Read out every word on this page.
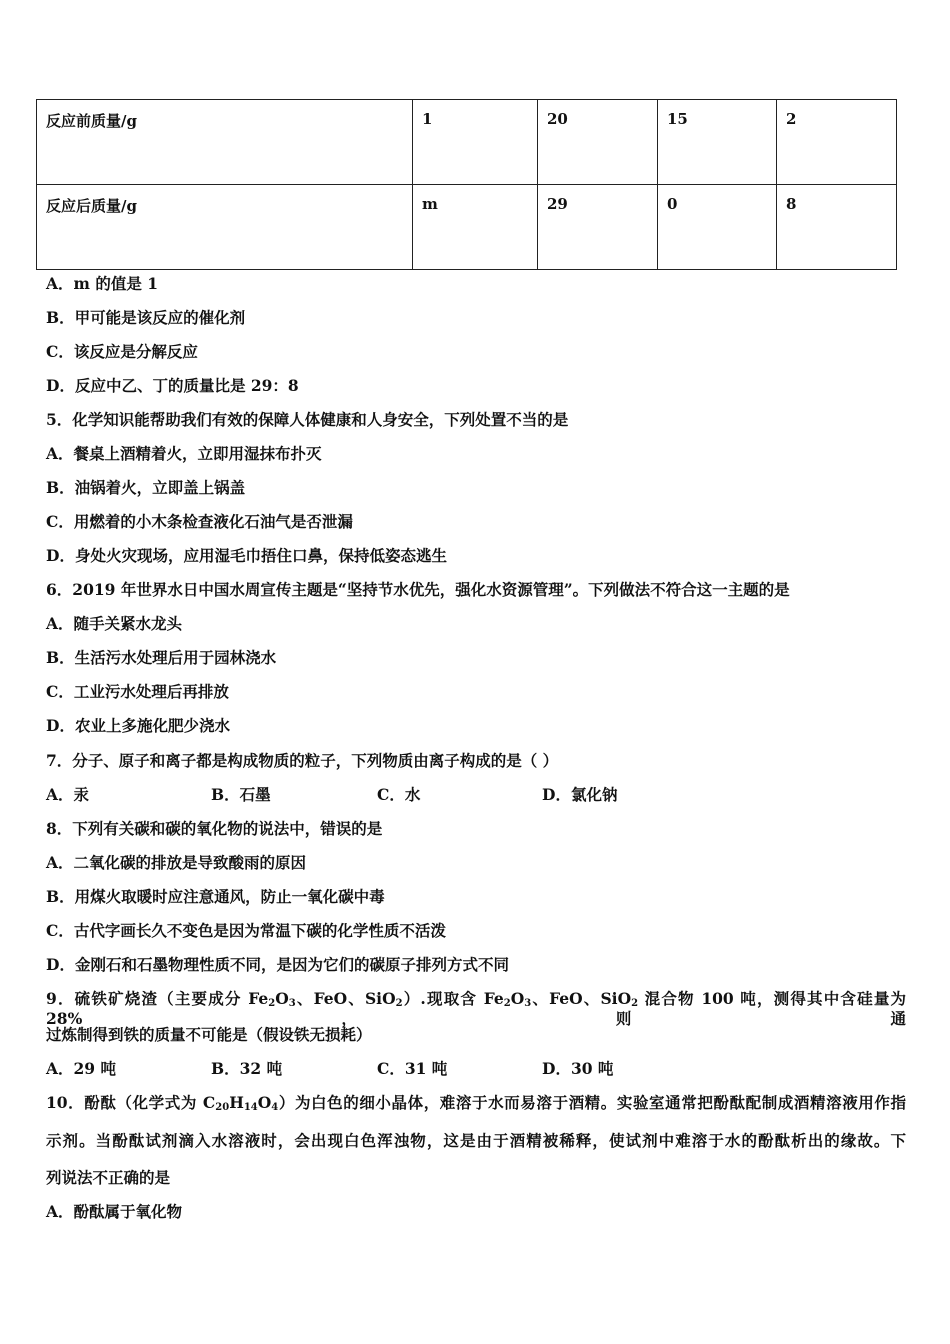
反应前质量/g	1	20	15	2
反应后质量/g	m	29	0	8
A．m 的值是 1
B．甲可能是该反应的催化剂
C．该反应是分解反应
D．反应中乙、丁的质量比是 29：8
5．化学知识能帮助我们有效的保障人体健康和人身安全，下列处置不当的是
A．餐桌上酒精着火，立即用湿抹布扑灭
B．油锅着火，立即盖上锅盖
C．用燃着的小木条检查液化石油气是否泄漏
D．身处火灾现场，应用湿毛巾捂住口鼻，保持低姿态逃生
6．2019 年世界水日中国水周宣传主题是“坚持节水优先，强化水资源管理”。下列做法不符合这一主题的是
A．随手关紧水龙头
B．生活污水处理后用于园林浇水
C．工业污水处理后再排放
D．农业上多施化肥少浇水
7．分子、原子和离子都是构成物质的粒子，下列物质由离子构成的是（ ）
A．汞	B．石墨	C．水	D．氯化钠
8．下列有关碳和碳的氧化物的说法中，错误的是
A．二氧化碳的排放是导致酸雨的原因
B．用煤火取暖时应注意通风，防止一氧化碳中毒
C．古代字画长久不变色是因为常温下碳的化学性质不活泼
D．金刚石和石墨物理性质不同，是因为它们的碳原子排列方式不同
9．硫铁矿烧渣（主要成分 $Fe_2O_3$、FeO、SiO$_2$）.现取含 $Fe_2O_3$、FeO、SiO$_2$ 混合物 100 吨，测得其中含硅量为 28%，则通
过炼制得到铁的质量不可能是（假设铁无损耗）
A．29 吨	B．32 吨	C．31 吨	D．30 吨
10．酚酞（化学式为 $C_{20}H_{14}O_4$）为白色的细小晶体，难溶于水而易溶于酒精。实验室通常把酚酞配制成酒精溶液用作指
示剂。当酚酞试剂滴入水溶液时，会出现白色浑浊物，这是由于酒精被稀释，使试剂中难溶于水的酚酞析出的缘故。下
列说法不正确的是
A．酚酞属于氧化物
